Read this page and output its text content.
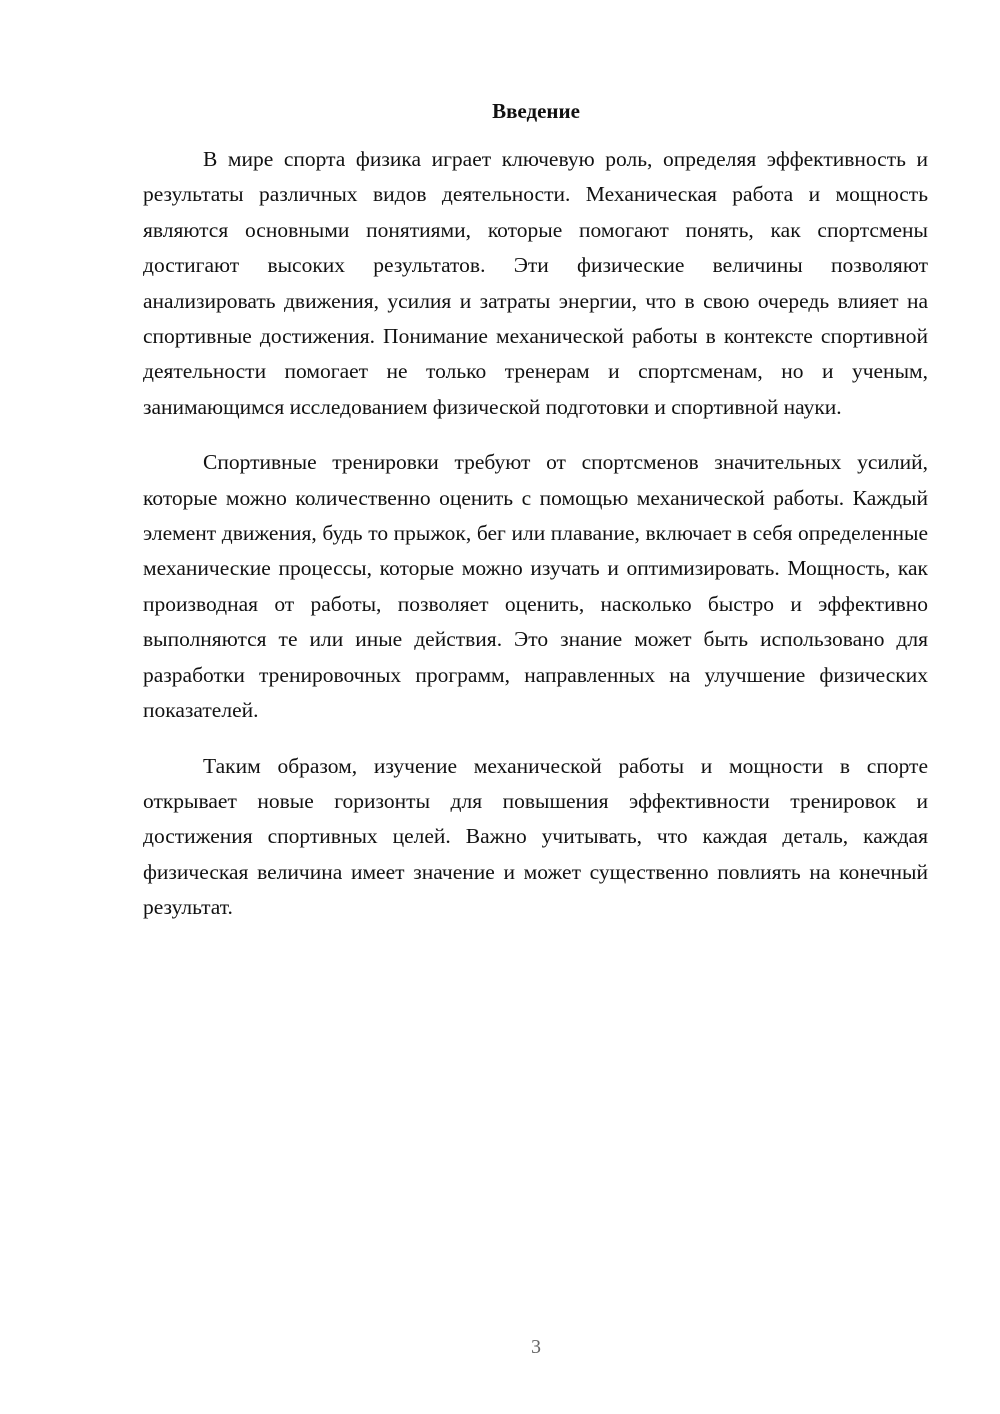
Введение

В мире спорта физика играет ключевую роль, определяя эффективность и результаты различных видов деятельности. Механическая работа и мощность являются основными понятиями, которые помогают понять, как спортсмены достигают высоких результатов. Эти физические величины позволяют анализировать движения, усилия и затраты энергии, что в свою очередь влияет на спортивные достижения. Понимание механической работы в контексте спортивной деятельности помогает не только тренерам и спортсменам, но и ученым, занимающимся исследованием физической подготовки и спортивной науки.

Спортивные тренировки требуют от спортсменов значительных усилий, которые можно количественно оценить с помощью механической работы. Каждый элемент движения, будь то прыжок, бег или плавание, включает в себя определенные механические процессы, которые можно изучать и оптимизировать. Мощность, как производная от работы, позволяет оценить, насколько быстро и эффективно выполняются те или иные действия. Это знание может быть использовано для разработки тренировочных программ, направленных на улучшение физических показателей.

Таким образом, изучение механической работы и мощности в спорте открывает новые горизонты для повышения эффективности тренировок и достижения спортивных целей. Важно учитывать, что каждая деталь, каждая физическая величина имеет значение и может существенно повлиять на конечный результат.

3
